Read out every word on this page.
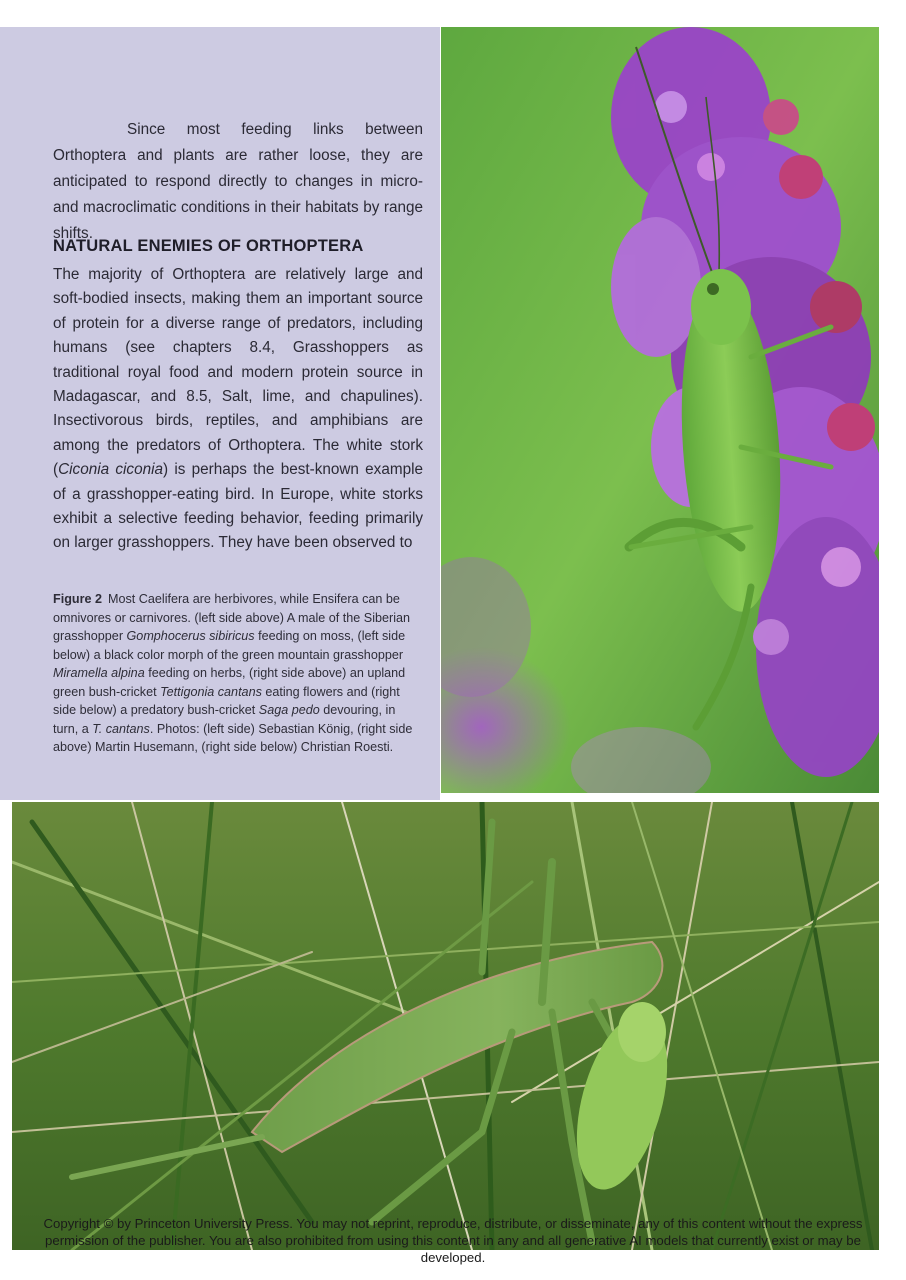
Since most feeding links between Orthoptera and plants are rather loose, they are anticipated to respond directly to changes in micro- and macroclimatic conditions in their habitats by range shifts.

NATURAL ENEMIES OF ORTHOPTERA

The majority of Orthoptera are relatively large and soft-bodied insects, making them an important source of protein for a diverse range of predators, including humans (see chapters 8.4, Grasshoppers as traditional royal food and modern protein source in Madagascar, and 8.5, Salt, lime, and chapulines). Insectivorous birds, reptiles, and amphibians are among the predators of Orthoptera. The white stork (Ciconia ciconia) is perhaps the best-known example of a grasshopper-eating bird. In Europe, white storks exhibit a selective feeding behavior, feeding primarily on larger grasshoppers. They have been observed to

Figure 2 Most Caelifera are herbivores, while Ensifera can be omnivores or carnivores. (left side above) A male of the Siberian grasshopper Gomphocerus sibiricus feeding on moss, (left side below) a black color morph of the green mountain grasshopper Miramella alpina feeding on herbs, (right side above) an upland green bush-cricket Tettigonia cantans eating flowers and (right side below) a predatory bush-cricket Saga pedo devouring, in turn, a T. cantans. Photos: (left side) Sebastian König, (right side above) Martin Husemann, (right side below) Christian Roesti.

Copyright © by Princeton University Press. You may not reprint, reproduce, distribute, or disseminate, any of this content without the express permission of the publisher. You are also prohibited from using this content in any and all generative AI models that currently exist or may be developed.
